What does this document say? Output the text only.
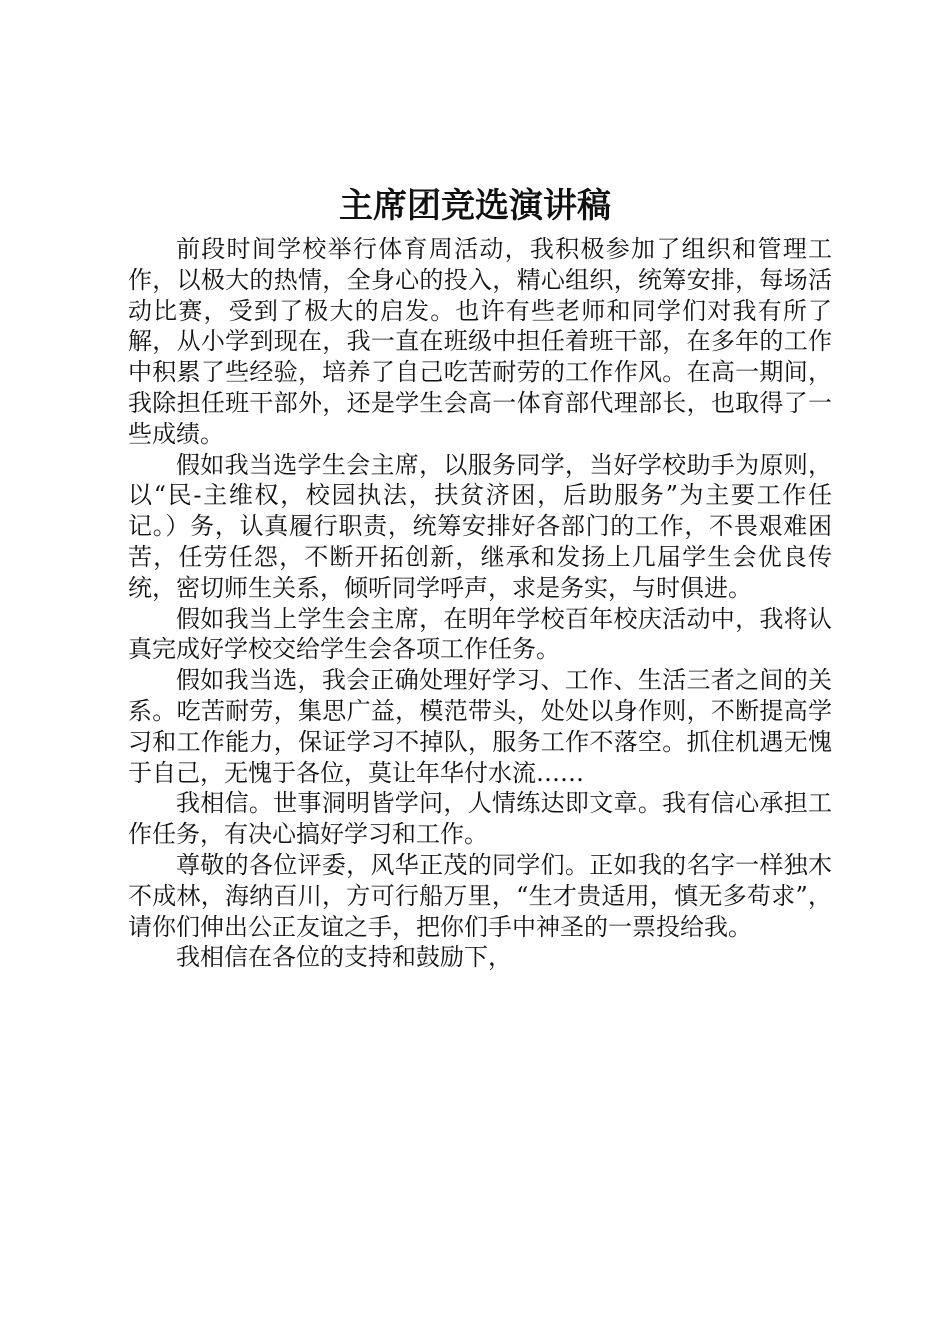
主席团竞选演讲稿

前段时间学校举行体育周活动，我积极参加了组织和管理工作，以极大的热情，全身心的投入，精心组织，统筹安排，每场活动比赛，受到了极大的启发。也许有些老师和同学们对我有所了解，从小学到现在，我一直在班级中担任着班干部，在多年的工作中积累了些经验，培养了自己吃苦耐劳的工作作风。在高一期间，我除担任班干部外，还是学生会高一体育部代理部长，也取得了一些成绩。

假如我当选学生会主席，以服务同学，当好学校助手为原则，以“民-主维权，校园执法，扶贫济困，后助服务”为主要工作任记。）务，认真履行职责，统筹安排好各部门的工作，不畏艰难困苦，任劳任怨，不断开拓创新，继承和发扬上几届学生会优良传统，密切师生关系，倾听同学呼声，求是务实，与时俱进。

假如我当上学生会主席，在明年学校百年校庆活动中，我将认真完成好学校交给学生会各项工作任务。

假如我当选，我会正确处理好学习、工作、生活三者之间的关系。吃苦耐劳，集思广益，模范带头，处处以身作则，不断提高学习和工作能力，保证学习不掉队，服务工作不落空。抓住机遇无愧于自己，无愧于各位，莫让年华付水流……

我相信。世事洞明皆学问，人情练达即文章。我有信心承担工作任务，有决心搞好学习和工作。

尊敬的各位评委，风华正茂的同学们。正如我的名字一样独木不成林，海纳百川，方可行船万里，“生才贵适用，慎无多苟求”，请你们伸出公正友谊之手，把你们手中神圣的一票投给我。

我相信在各位的支持和鼓励下，
